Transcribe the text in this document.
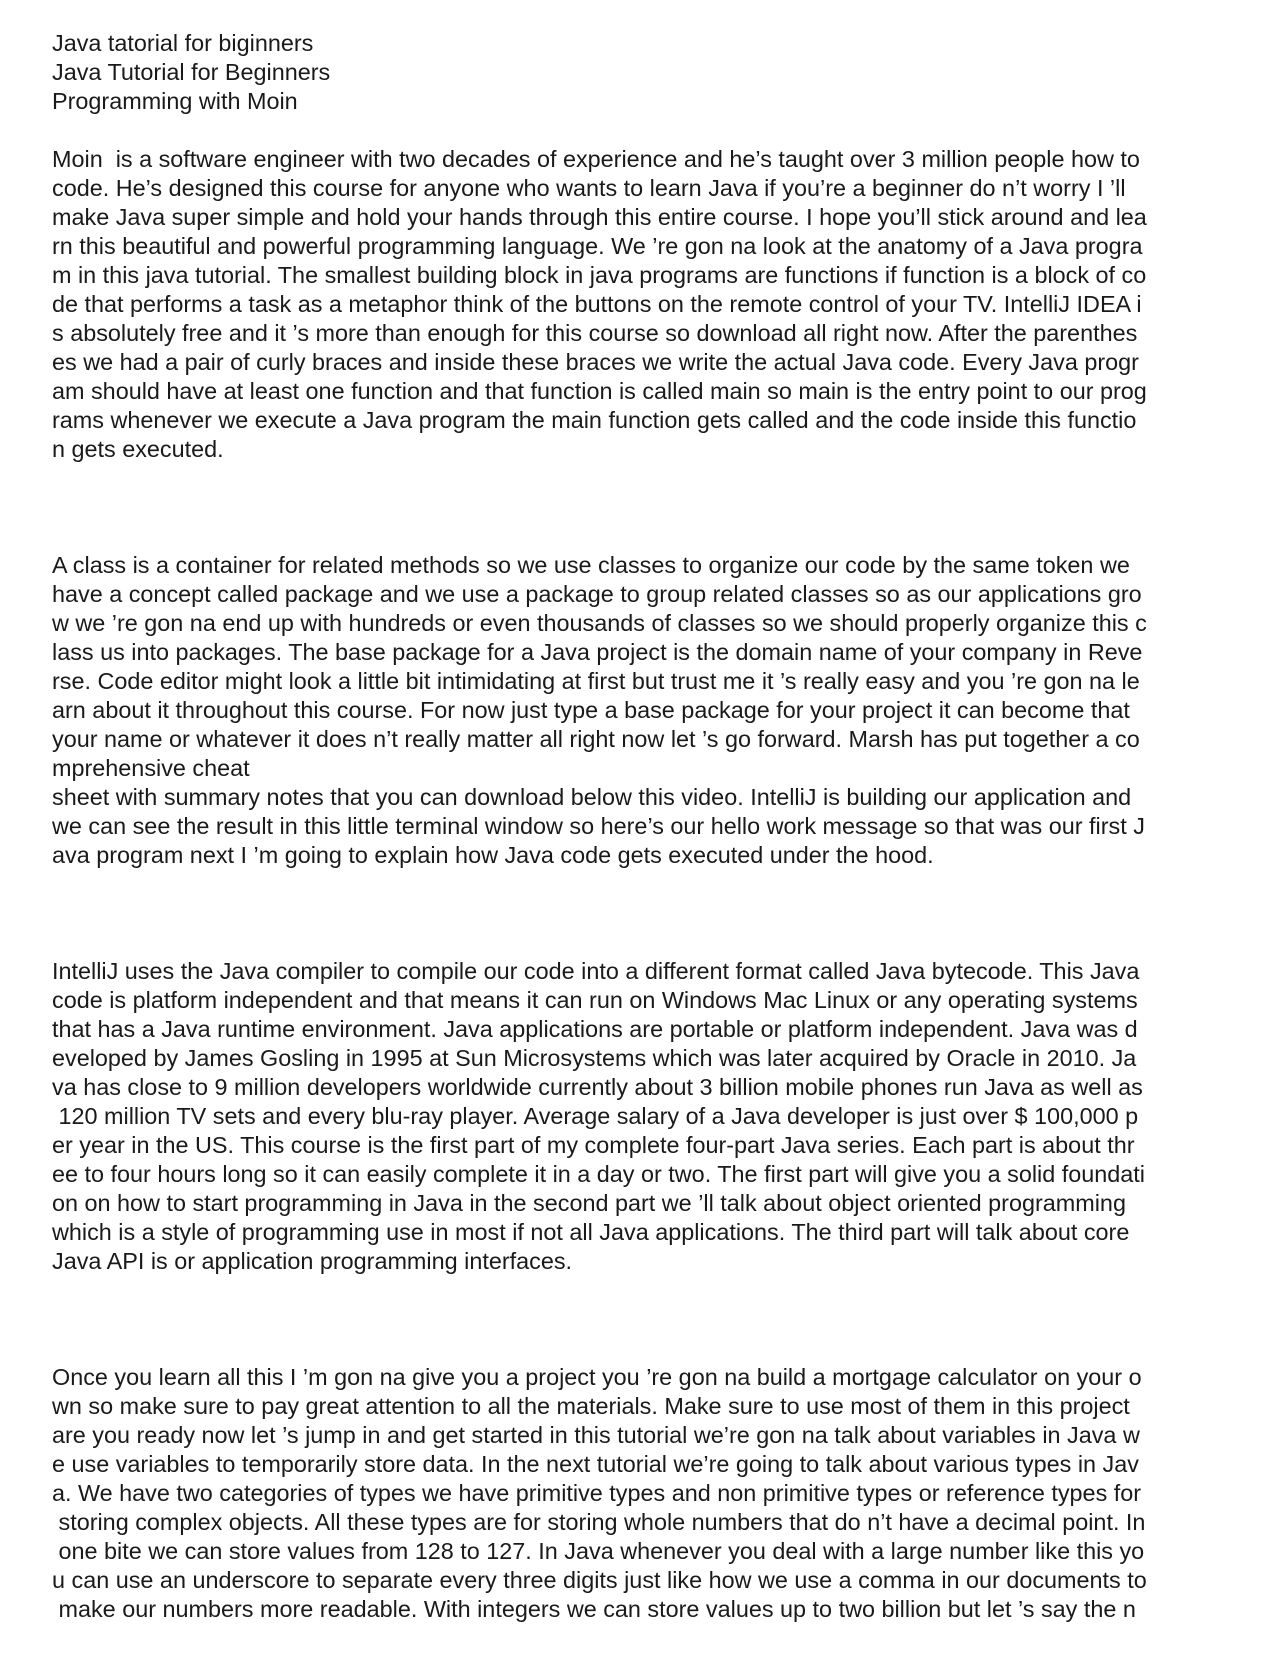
Java tatorial for biginners
Java Tutorial for Beginners
Programming with Moin
Moin  is a software engineer with two decades of experience and he’s taught over 3 million people how to
code. He’s designed this course for anyone who wants to learn Java if you’re a beginner do n’t worry I ’ll
make Java super simple and hold your hands through this entire course. I hope you’ll stick around and lea
rn this beautiful and powerful programming language. We ’re gon na look at the anatomy of a Java progra
m in this java tutorial. The smallest building block in java programs are functions if function is a block of co
de that performs a task as a metaphor think of the buttons on the remote control of your TV. IntelliJ IDEA i
s absolutely free and it ’s more than enough for this course so download all right now. After the parenthes
es we had a pair of curly braces and inside these braces we write the actual Java code. Every Java progr
am should have at least one function and that function is called main so main is the entry point to our prog
rams whenever we execute a Java program the main function gets called and the code inside this functio
n gets executed.
A class is a container for related methods so we use classes to organize our code by the same token we
have a concept called package and we use a package to group related classes so as our applications gro
w we ’re gon na end up with hundreds or even thousands of classes so we should properly organize this c
lass us into packages. The base package for a Java project is the domain name of your company in Reve
rse. Code editor might look a little bit intimidating at first but trust me it ’s really easy and you ’re gon na le
arn about it throughout this course. For now just type a base package for your project it can become that
your name or whatever it does n’t really matter all right now let ’s go forward. Marsh has put together a co
mprehensive cheat
sheet with summary notes that you can download below this video. IntelliJ is building our application and
we can see the result in this little terminal window so here’s our hello work message so that was our first J
ava program next I ’m going to explain how Java code gets executed under the hood.
IntelliJ uses the Java compiler to compile our code into a different format called Java bytecode. This Java
code is platform independent and that means it can run on Windows Mac Linux or any operating systems
that has a Java runtime environment. Java applications are portable or platform independent. Java was d
eveloped by James Gosling in 1995 at Sun Microsystems which was later acquired by Oracle in 2010. Ja
va has close to 9 million developers worldwide currently about 3 billion mobile phones run Java as well as
120 million TV sets and every blu-ray player. Average salary of a Java developer is just over $ 100,000 p
er year in the US. This course is the first part of my complete four-part Java series. Each part is about thr
ee to four hours long so it can easily complete it in a day or two. The first part will give you a solid foundati
on on how to start programming in Java in the second part we ’ll talk about object oriented programming
which is a style of programming use in most if not all Java applications. The third part will talk about core
Java API is or application programming interfaces.
Once you learn all this I ’m gon na give you a project you ’re gon na build a mortgage calculator on your o
wn so make sure to pay great attention to all the materials. Make sure to use most of them in this project
are you ready now let ’s jump in and get started in this tutorial we’re gon na talk about variables in Java w
e use variables to temporarily store data. In the next tutorial we’re going to talk about various types in Jav
a. We have two categories of types we have primitive types and non primitive types or reference types for
storing complex objects. All these types are for storing whole numbers that do n’t have a decimal point. In
one bite we can store values from 128 to 127. In Java whenever you deal with a large number like this yo
u can use an underscore to separate every three digits just like how we use a comma in our documents to
make our numbers more readable. With integers we can store values up to two billion but let ’s say the n
